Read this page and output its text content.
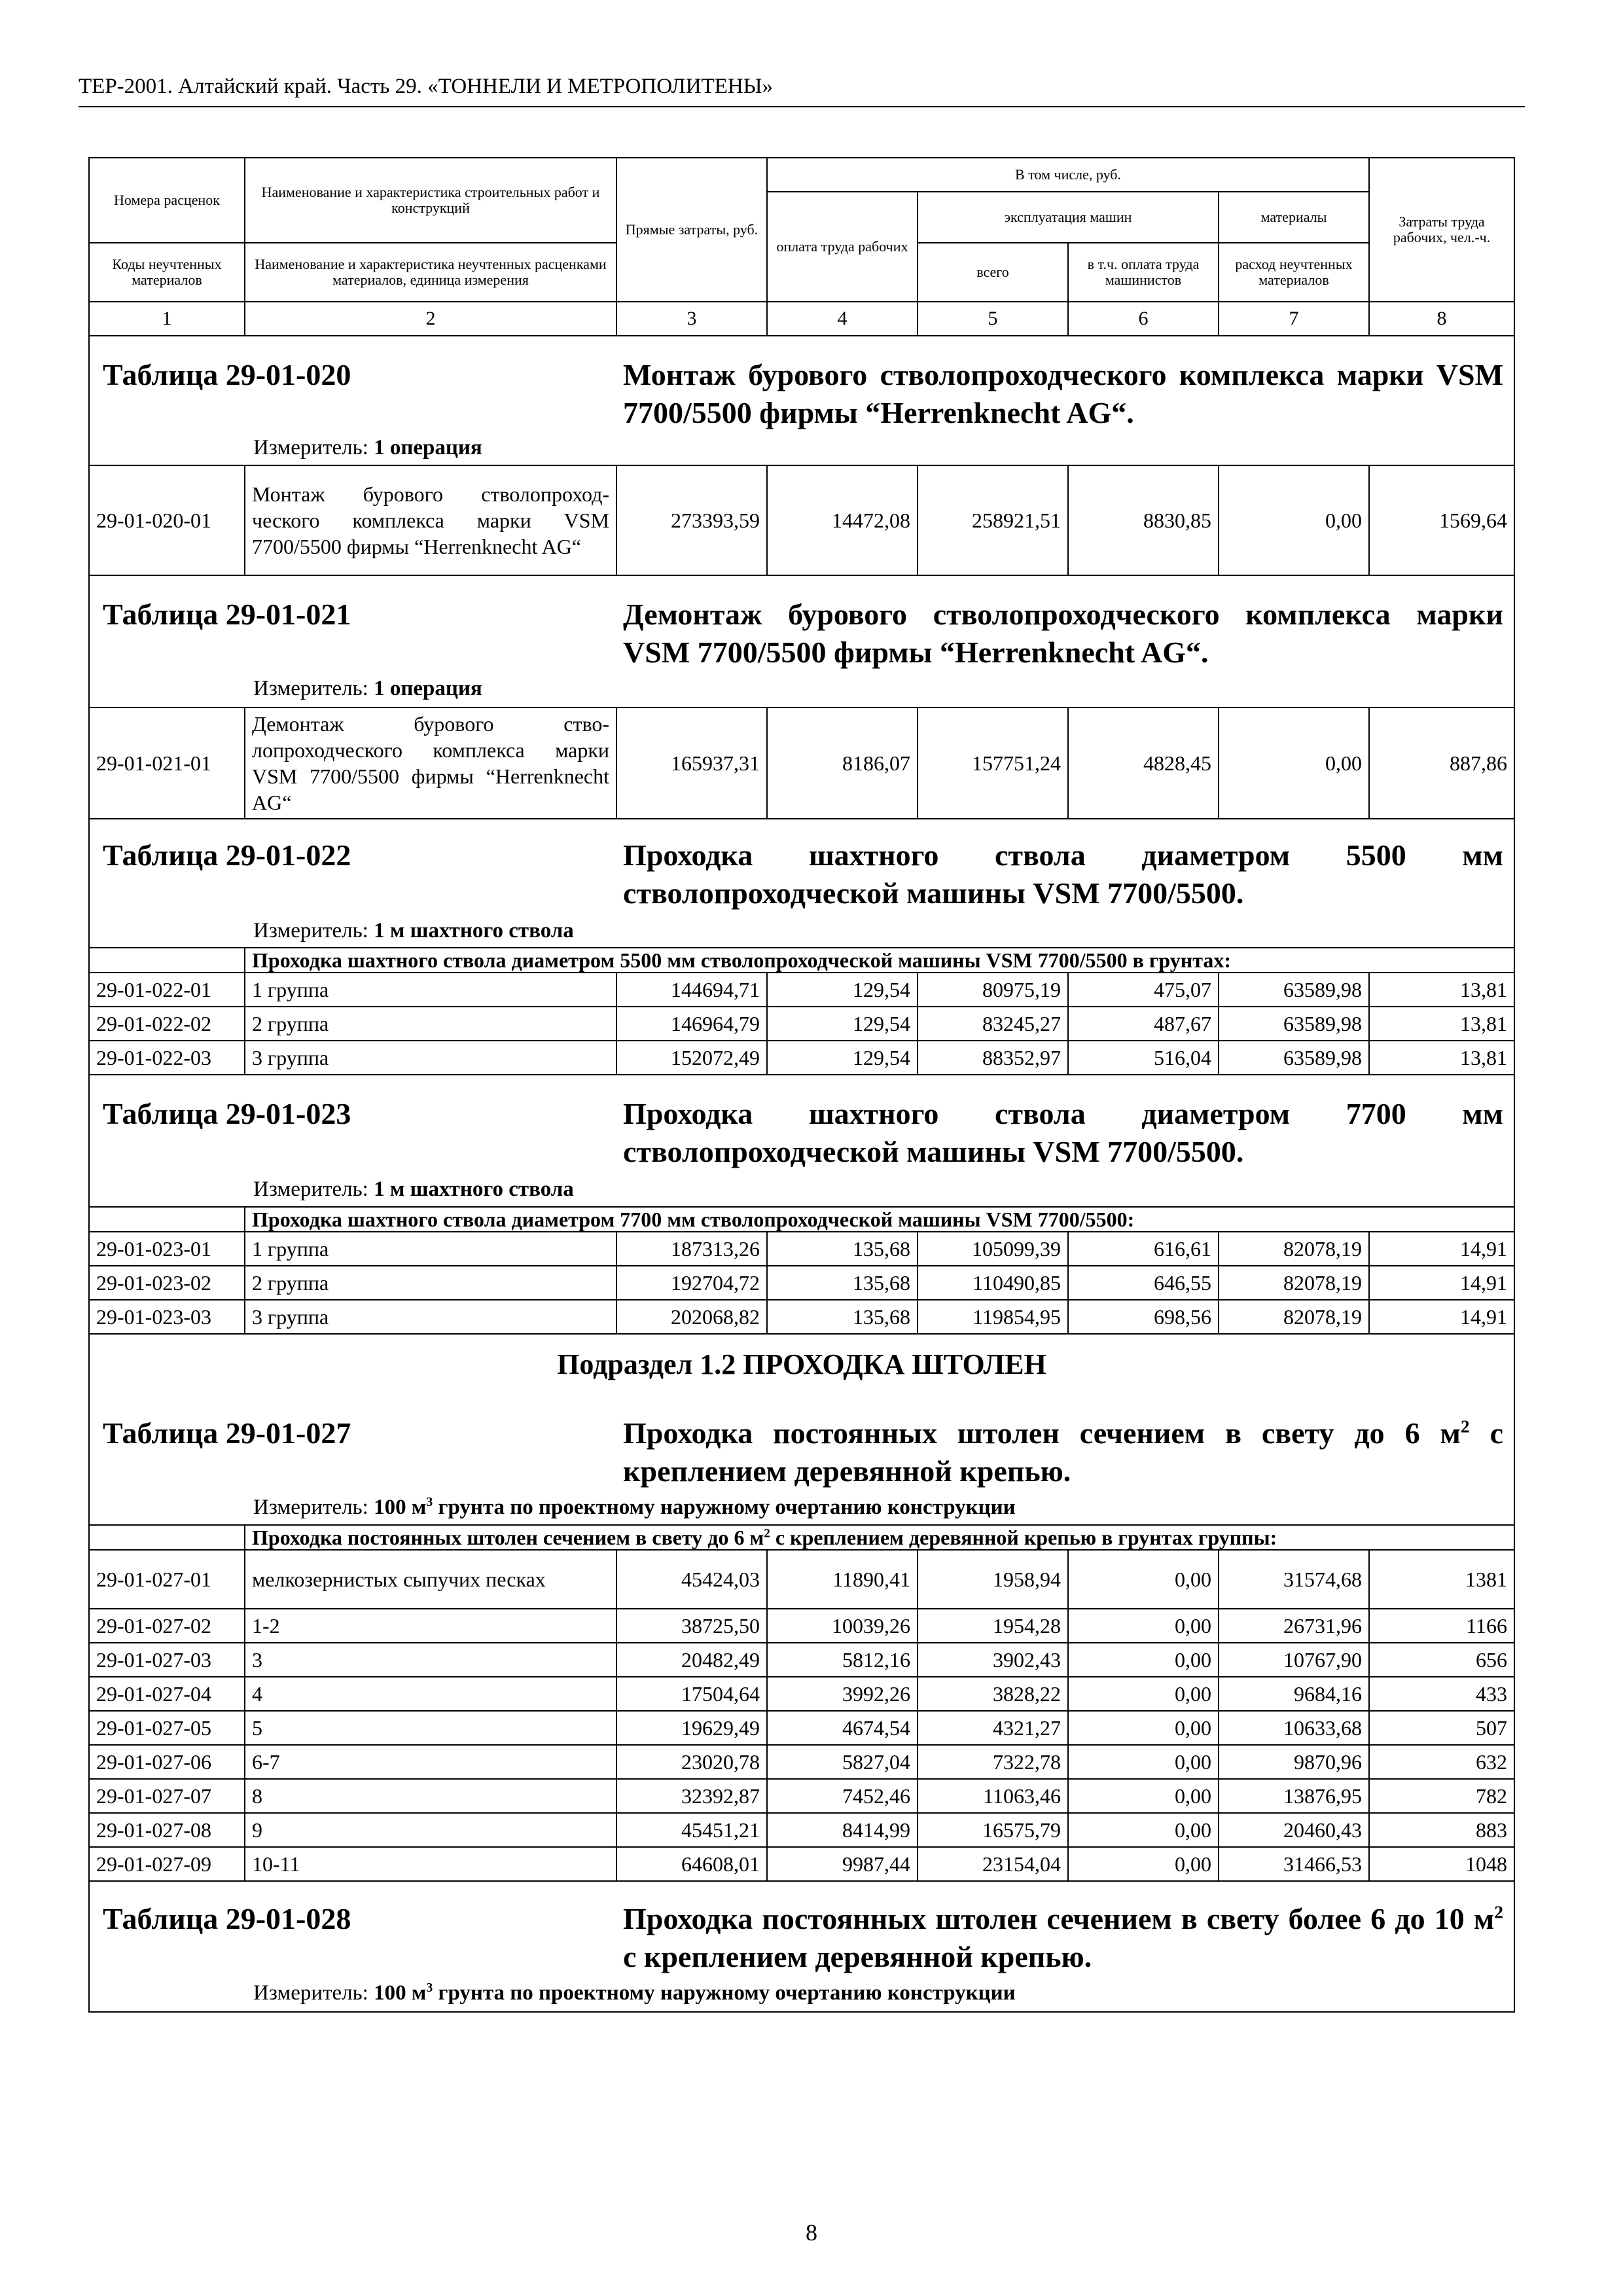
ТЕР-2001. Алтайский край. Часть 29. «ТОННЕЛИ И МЕТРОПОЛИТЕНЫ»
Номера расценок	Наименование и характеристика строительных работ и конструкций	Прямые затраты, руб.	В том числе, руб.				Затраты труда рабочих, чел.-ч.
			оплата труда рабочих	эксплуатация машин		материалы	
Коды неучтенных материалов	Наименование и характеристика неучтенных расценками материалов, единица измерения			всего	в т.ч. оплата труда машинистов	расход неучтенных материалов	

1	2	3	4	5	6	7	8

Таблица 29-01-020 Монтаж бурового стволопроходческого комплекса марки VSM 7700/5500 фирмы “Herrenknecht AG“.
Измеритель: 1 операция							

29-01-020-01	Монтаж бурового стволопроход-ческого комплекса марки VSM 7700/5500 фирмы “Herrenknecht AG“	273393,59	14472,08	258921,51	8830,85	0,00	1569,64

Таблица 29-01-021 Демонтаж бурового стволопроходческого комплекса марки VSM 7700/5500 фирмы “Herrenknecht AG“.
Измеритель: 1 операция							

29-01-021-01	Демонтаж бурового ство-лопроходческого комплекса марки VSM 7700/5500 фирмы “Herrenknecht AG“	165937,31	8186,07	157751,24	4828,45	0,00	887,86

Таблица 29-01-022 Проходка шахтного ствола диаметром 5500 мм стволопроходческой машины VSM 7700/5500.
Измеритель: 1 м шахтного ствола							

	Проходка шахтного ствола диаметром 5500 мм стволопроходческой машины VSM 7700/5500 в грунтах:						
29-01-022-01	1 группа	144694,71	129,54	80975,19	475,07	63589,98	13,81
29-01-022-02	2 группа	146964,79	129,54	83245,27	487,67	63589,98	13,81
29-01-022-03	3 группа	152072,49	129,54	88352,97	516,04	63589,98	13,81

Таблица 29-01-023 Проходка шахтного ствола диаметром 7700 мм стволопроходческой машины VSM 7700/5500.
Измеритель: 1 м шахтного ствола							

	Проходка шахтного ствола диаметром 7700 мм стволопроходческой машины VSM 7700/5500:						
29-01-023-01	1 группа	187313,26	135,68	105099,39	616,61	82078,19	14,91
29-01-023-02	2 группа	192704,72	135,68	110490,85	646,55	82078,19	14,91
29-01-023-03	3 группа	202068,82	135,68	119854,95	698,56	82078,19	14,91

Подраздел 1.2 ПРОХОДКА ШТОЛЕН
Таблица 29-01-027 Проходка постоянных штолен сечением в свету до 6 $м^2$ с креплением деревянной крепью.
Измеритель: 100 $м^3$ грунта по проектному наружному очертанию конструкции							

	Проходка постоянных штолен сечением в свету до 6 $м^2$ с креплением деревянной крепью в грунтах группы:						
29-01-027-01	мелкозернистых сыпучих песках	45424,03	11890,41	1958,94	0,00	31574,68	1381
29-01-027-02	1-2	38725,50	10039,26	1954,28	0,00	26731,96	1166
29-01-027-03	3	20482,49	5812,16	3902,43	0,00	10767,90	656
29-01-027-04	4	17504,64	3992,26	3828,22	0,00	9684,16	433
29-01-027-05	5	19629,49	4674,54	4321,27	0,00	10633,68	507
29-01-027-06	6-7	23020,78	5827,04	7322,78	0,00	9870,96	632
29-01-027-07	8	32392,87	7452,46	11063,46	0,00	13876,95	782
29-01-027-08	9	45451,21	8414,99	16575,79	0,00	20460,43	883
29-01-027-09	10-11	64608,01	9987,44	23154,04	0,00	31466,53	1048

Таблица 29-01-028 Проходка постоянных штолен сечением в свету более 6 до 10 $м^2$ с креплением деревянной крепью.
Измеритель: 100 $м^3$ грунта по проектному наружному очертанию конструкции							
8
